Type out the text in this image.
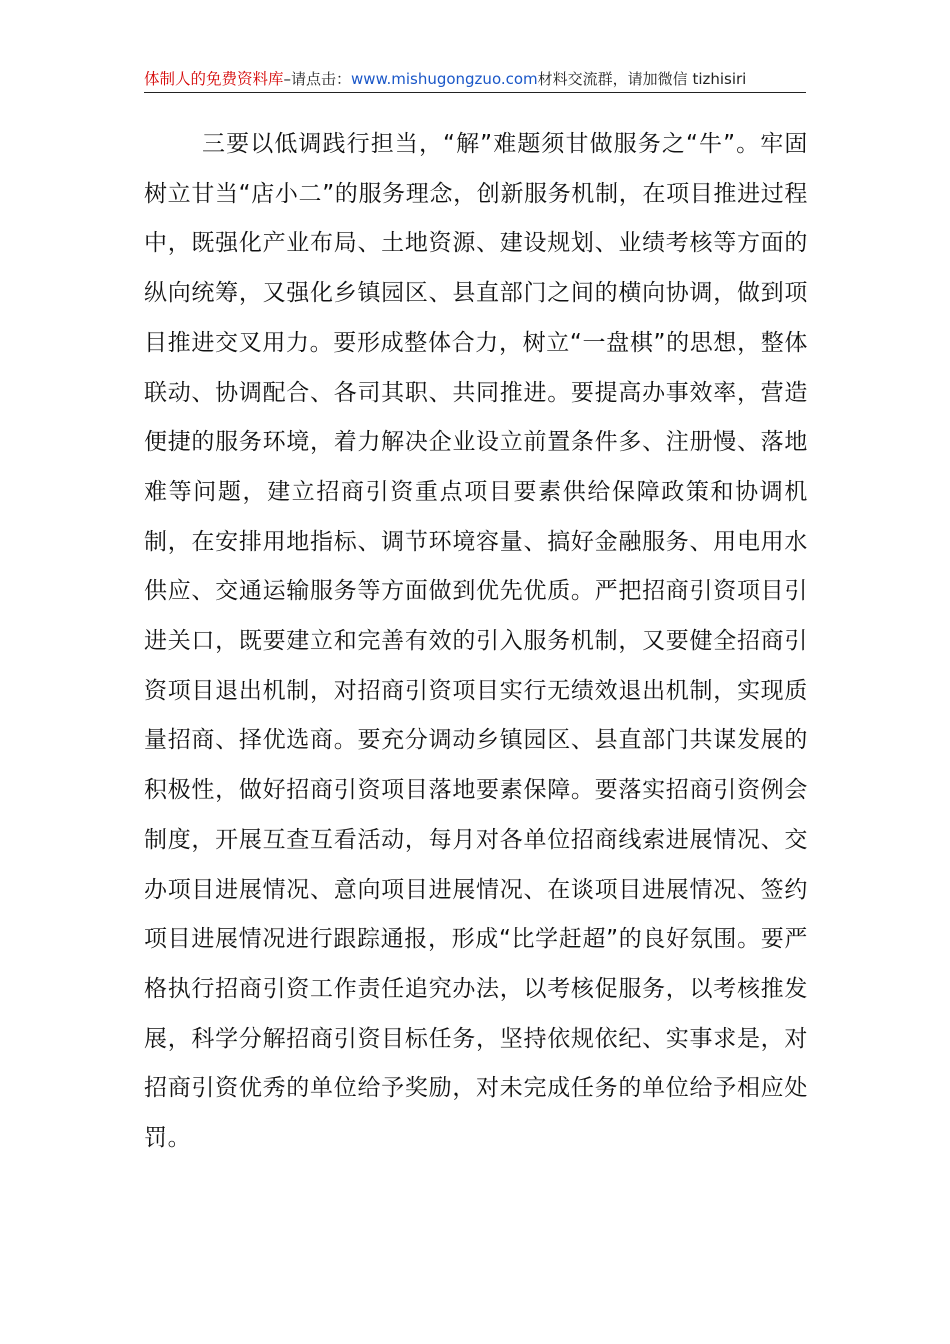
体制人的免费资料库–请点击：www.mishugongzuo.com材料交流群，请加微信 tizhisiri

三要以低调践行担当，“解”难题须甘做服务之“牛”。牢固树立甘当“店小二”的服务理念，创新服务机制，在项目推进过程中，既强化产业布局、土地资源、建设规划、业绩考核等方面的纵向统筹，又强化乡镇园区、县直部门之间的横向协调，做到项目推进交叉用力。要形成整体合力，树立“一盘棋”的思想，整体联动、协调配合、各司其职、共同推进。要提高办事效率，营造便捷的服务环境，着力解决企业设立前置条件多、注册慢、落地难等问题，建立招商引资重点项目要素供给保障政策和协调机制，在安排用地指标、调节环境容量、搞好金融服务、用电用水供应、交通运输服务等方面做到优先优质。严把招商引资项目引进关口，既要建立和完善有效的引入服务机制，又要健全招商引资项目退出机制，对招商引资项目实行无绩效退出机制，实现质量招商、择优选商。要充分调动乡镇园区、县直部门共谋发展的积极性，做好招商引资项目落地要素保障。要落实招商引资例会制度，开展互查互看活动，每月对各单位招商线索进展情况、交办项目进展情况、意向项目进展情况、在谈项目进展情况、签约项目进展情况进行跟踪通报，形成“比学赶超”的良好氛围。要严格执行招商引资工作责任追究办法，以考核促服务，以考核推发展，科学分解招商引资目标任务，坚持依规依纪、实事求是，对招商引资优秀的单位给予奖励，对未完成任务的单位给予相应处罚。
